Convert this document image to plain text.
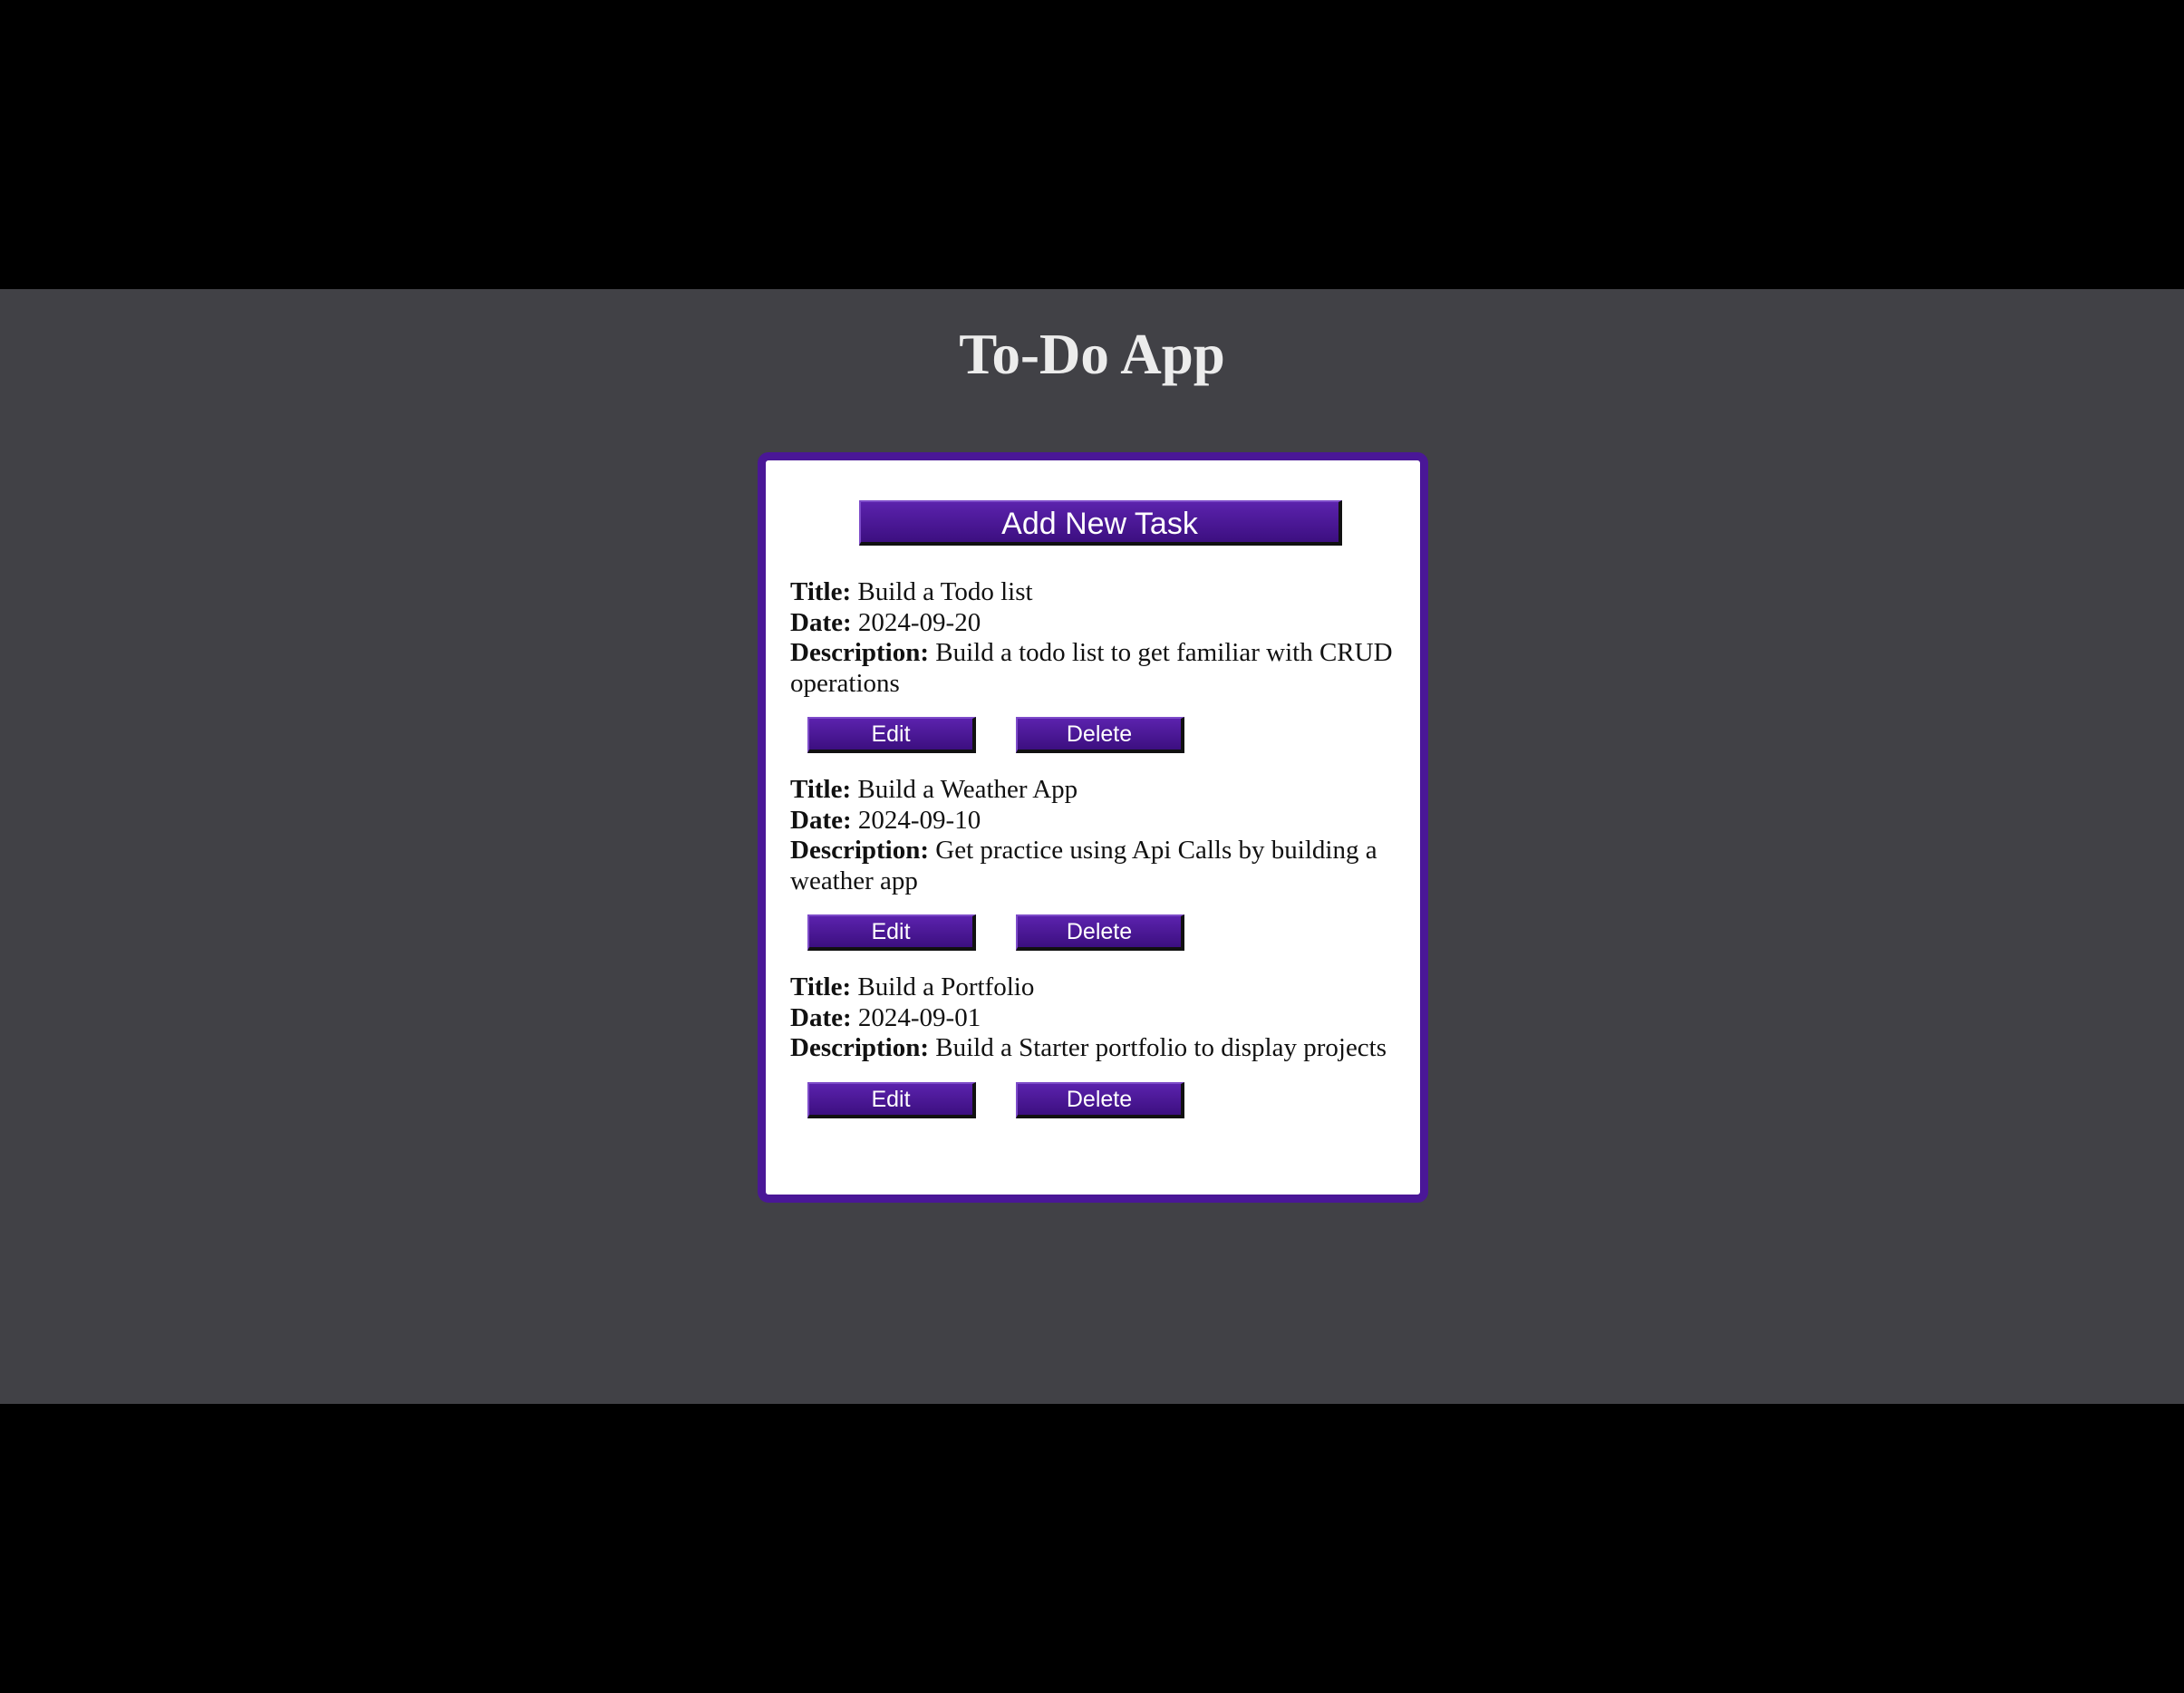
To-Do App
Add New Task
Title: Build a Todo list
Date: 2024-09-20
Description: Build a todo list to get familiar with CRUD operations
Edit	Delete
Title: Build a Weather App
Date: 2024-09-10
Description: Get practice using Api Calls by building a weather app
Edit	Delete
Title: Build a Portfolio
Date: 2024-09-01
Description: Build a Starter portfolio to display projects
Edit	Delete
